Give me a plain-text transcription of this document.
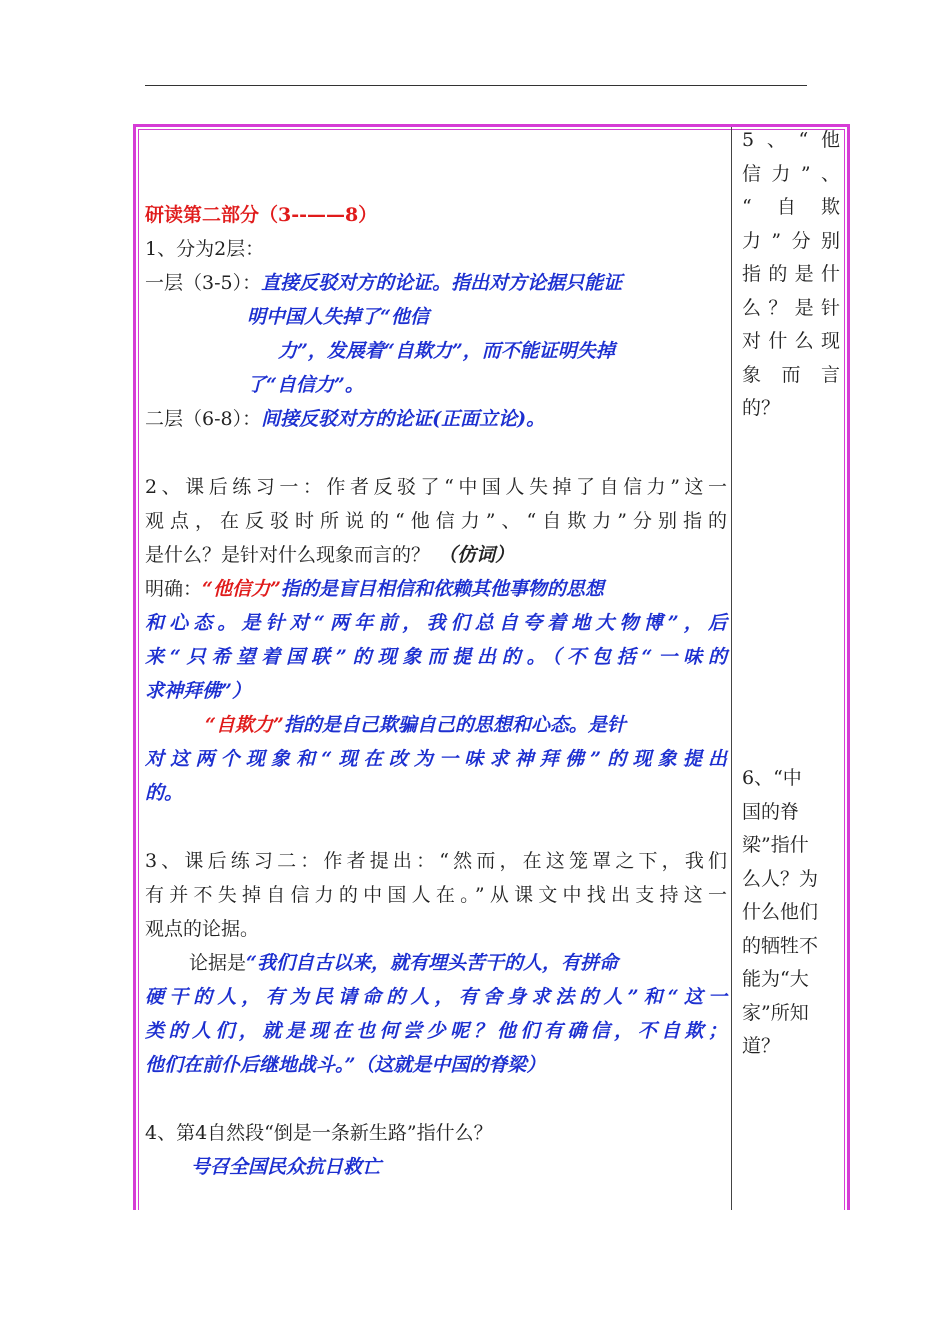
研读第二部分（3--——8）
1、分为2层：
一层（3-5）：直接反驳对方的论证。指出对方论据只能证
明中国人失掉了“他信
力”，发展着“自欺力”，而不能证明失掉
了“自信力”。
二层（6-8）：间接反驳对方的论证(正面立论)。
2、课后练习一：作者反驳了“中国人失掉了自信力”这一
观点，在反驳时所说的“他信力”、“自欺力”分别指的
是什么？是针对什么现象而言的？ （仿词）
明确：“他信力”指的是盲目相信和依赖其他事物的思想
和心态。是针对“两年前，我们总自夸着地大物博”，后
来“只希望着国联”的现象而提出的。（不包括“一味的
求神拜佛”）
“自欺力”指的是自己欺骗自己的思想和心态。是针
对这两个现象和“现在改为一味求神拜佛”的现象提出
的。
3、课后练习二：作者提出：“然而，在这笼罩之下，我们
有并不失掉自信力的中国人在。”从课文中找出支持这一
观点的论据。
论据是“我们自古以来，就有埋头苦干的人，有拼命
硬干的人，有为民请命的人，有舍身求法的人”和“这一
类的人们，就是现在也何尝少呢？他们有确信，不自欺；
他们在前仆后继地战斗。”（这就是中国的脊梁）
4、第4自然段“倒是一条新生路”指什么？
号召全国民众抗日救亡
5、“他
信力”、
“自欺
力”分别
指的是什
么？是针
对什么现
象而言
的？
6、“中
国的脊
梁”指什
么人？为
什么他们
的牺牲不
能为“大
家”所知
道？
